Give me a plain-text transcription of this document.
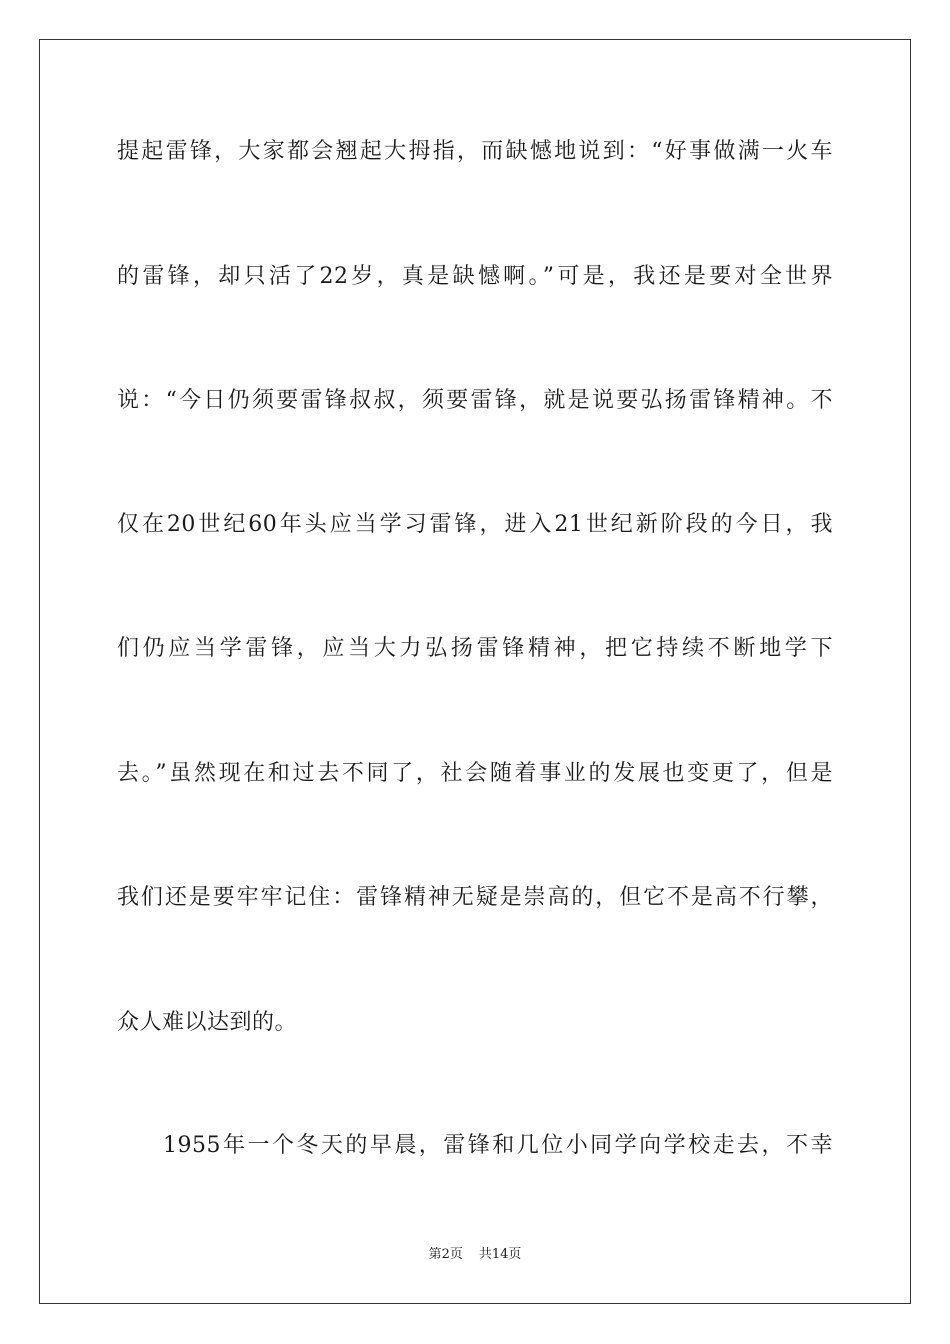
提起雷锋，大家都会翘起大拇指，而缺憾地说到：“好事做满一火车
的雷锋，却只活了22岁，真是缺憾啊。”可是，我还是要对全世界
说：“今日仍须要雷锋叔叔，须要雷锋，就是说要弘扬雷锋精神。不
仅在20世纪60年头应当学习雷锋，进入21世纪新阶段的今日，我
们仍应当学雷锋，应当大力弘扬雷锋精神，把它持续不断地学下
去。”虽然现在和过去不同了，社会随着事业的发展也变更了，但是
我们还是要牢牢记住：雷锋精神无疑是崇高的，但它不是高不行攀，
众人难以达到的。
1955年一个冬天的早晨，雷锋和几位小同学向学校走去，不幸
第2页 共14页
